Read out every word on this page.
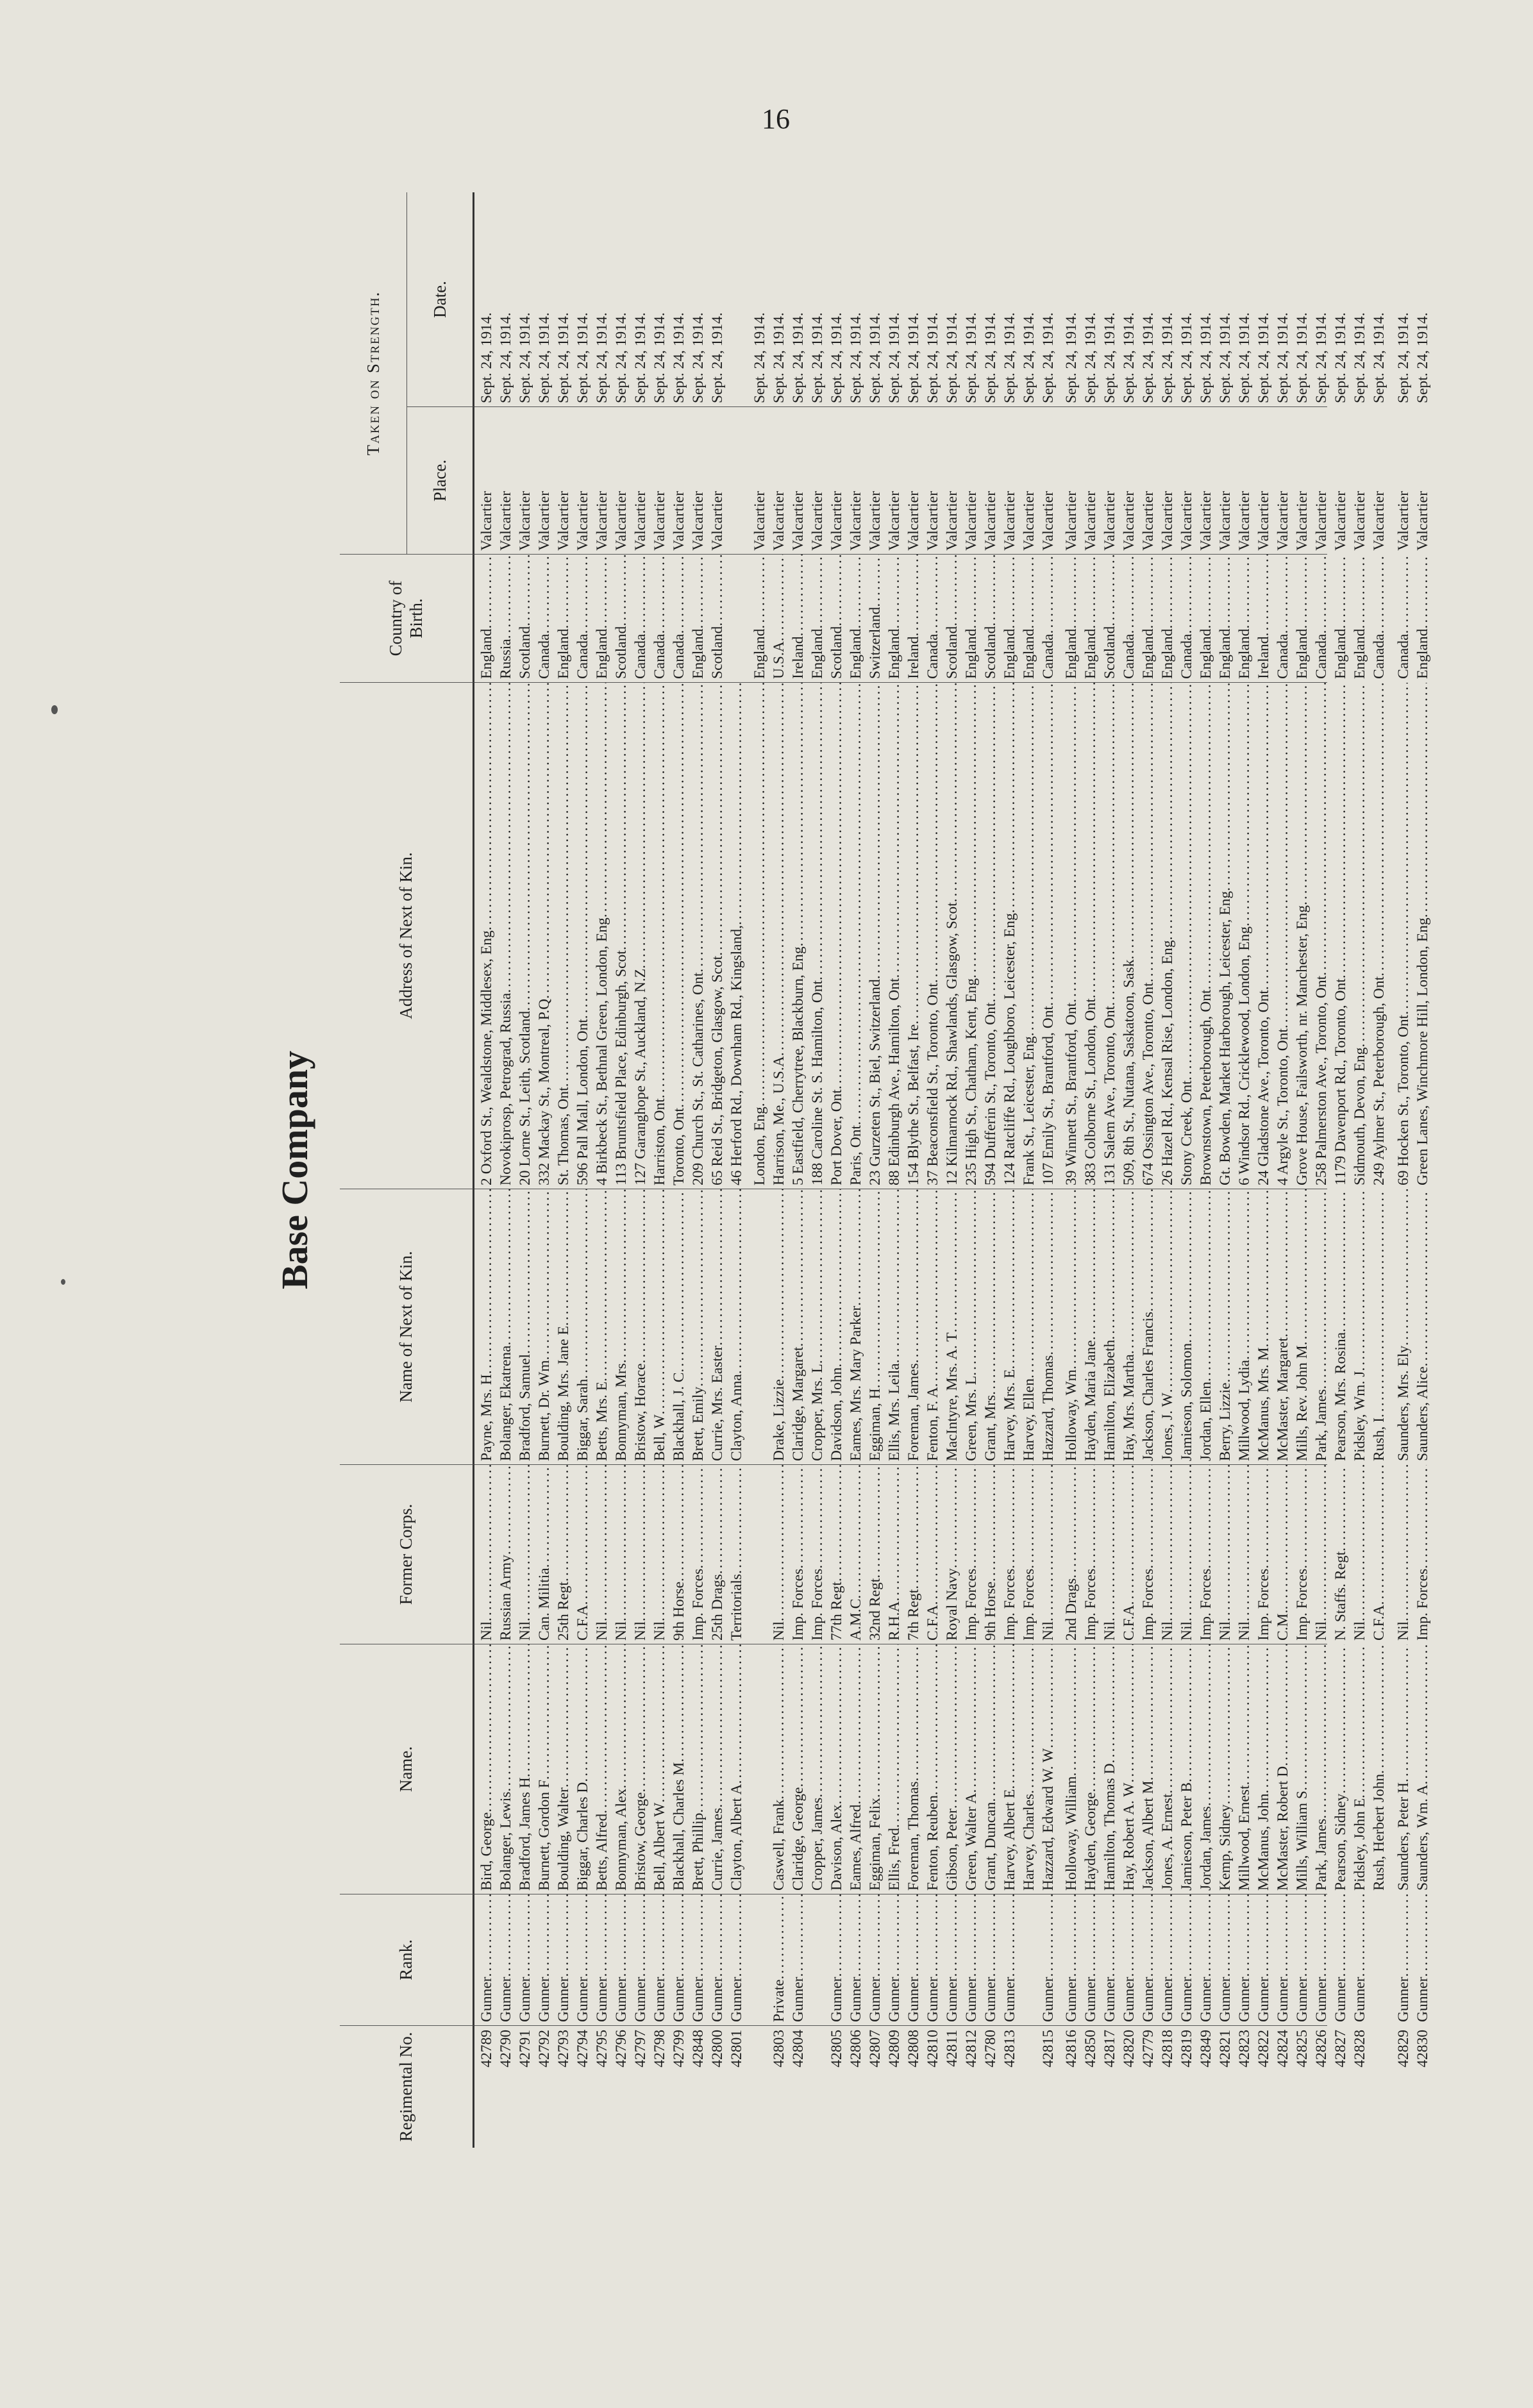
16
Base Company
Regimental No.
Rank.
Name.
Former Corps.
Name of Next of Kin.
Address of Next of Kin.
Country of Birth.
Taken on Strength.
Place.
Date.
42789
Gunner .....
Bird, George .....
Nil .....
Payne, Mrs. H .....
2 Oxford St., Wealdstone, Middlesex, Eng .....
England .....
Valcartier
Sept. 24, 1914.
42790
Gunner .....
Bolanger, Lewis .....
Russian Army .....
Bolanger, Ekatrena .....
Novokiprosp, Petrograd, Russia .....
Russia .....
Valcartier
Sept. 24, 1914.
42791
Gunner .....
Bradford, James H .....
Nil .....
Bradford, Samuel .....
20 Lorne St., Leith, Scotland .....
Scotland .....
Valcartier
Sept. 24, 1914.
42792
Gunner .....
Burnett, Gordon F .....
Can. Militia .....
Burnett, Dr. Wm .....
332 Mackay St., Montreal, P.Q .....
Canada .....
Valcartier
Sept. 24, 1914.
42793
Gunner .....
Boulding, Walter .....
25th Regt .....
Boulding, Mrs. Jane E .....
St. Thomas, Ont .....
England .....
Valcartier
Sept. 24, 1914.
42794
Gunner .....
Biggar, Charles D .....
C.F.A .....
Biggar, Sarah .....
596 Pall Mall, London, Ont .....
Canada .....
Valcartier
Sept. 24, 1914.
42795
Gunner .....
Betts, Alfred .....
Nil .....
Betts, Mrs. E .....
4 Birkbeck St., Bethnal Green, London, Eng .....
England .....
Valcartier
Sept. 24, 1914.
42796
Gunner .....
Bonnyman, Alex .....
Nil .....
Bonnyman, Mrs .....
113 Bruntsfield Place, Edinburgh, Scot .....
Scotland .....
Valcartier
Sept. 24, 1914.
42797
Gunner .....
Bristow, George .....
Nil .....
Bristow, Horace .....
127 Garanghope St., Auckland, N.Z .....
Canada .....
Valcartier
Sept. 24, 1914.
42798
Gunner .....
Bell, Albert W .....
Nil .....
Bell, W .....
Harriston, Ont .....
Canada .....
Valcartier
Sept. 24, 1914.
42799
Gunner .....
Blackhall, Charles M .....
9th Horse .....
Blackhall, J. C .....
Toronto, Ont .....
Canada .....
Valcartier
Sept. 24, 1914.
42848
Gunner .....
Brett, Phillip .....
Imp. Forces .....
Brett, Emily .....
209 Church St., St. Catharines, Ont .....
England .....
Valcartier
Sept. 24, 1914.
42800
Gunner .....
Currie, James .....
25th Drags .....
Currie, Mrs. Easter .....
65 Reid St., Bridgeton, Glasgow, Scot .....
Scotland .....
Valcartier
Sept. 24, 1914.
42801
Gunner .....
Clayton, Albert A .....
Territorials .....
Clayton, Anna .....
46 Herford Rd., Downham Rd., Kingsland, ..... London, Eng .....
England .....
Valcartier
Sept. 24, 1914.
42803
Private .....
Caswell, Frank .....
Nil .....
Drake, Lizzie .....
Harrison, Me., U.S.A .....
U.S.A .....
Valcartier
Sept. 24, 1914.
42804
Gunner .....
Claridge, George .....
Imp. Forces .....
Claridge, Margaret .....
5 Eastfield, Cherrytree, Blackburn, Eng .....
Ireland .....
Valcartier
Sept. 24, 1914.
Cropper, James .....
Imp. Forces .....
Cropper, Mrs. L .....
188 Caroline St. S. Hamilton, Ont .....
England .....
Valcartier
Sept. 24, 1914.
42805
Gunner .....
Davison, Alex .....
77th Regt .....
Davidson, John .....
Port Dover, Ont .....
Scotland .....
Valcartier
Sept. 24, 1914.
42806
Gunner .....
Eames, Alfred .....
A.M.C .....
Eames, Mrs. Mary Parker .....
Paris, Ont .....
England .....
Valcartier
Sept. 24, 1914.
42807
Gunner .....
Eggiman, Felix .....
32nd Regt .....
Eggiman, H .....
23 Gurzeten St., Biel, Switzerland .....
Switzerland .....
Valcartier
Sept. 24, 1914.
42809
Gunner .....
Ellis, Fred .....
R.H.A .....
Ellis, Mrs. Leila .....
88 Edinburgh Ave., Hamilton, Ont .....
England .....
Valcartier
Sept. 24, 1914.
42808
Gunner .....
Foreman, Thomas .....
7th Regt .....
Foreman, James .....
154 Blythe St., Belfast, Ire .....
Ireland .....
Valcartier
Sept. 24, 1914.
42810
Gunner .....
Fenton, Reuben .....
C.F.A .....
Fenton, F. A .....
37 Beaconsfield St., Toronto, Ont .....
Canada .....
Valcartier
Sept. 24, 1914.
42811
Gunner .....
Gibson, Peter .....
Royal Navy .....
MacIntyre, Mrs. A. T .....
12 Kilmarnock Rd., Shawlands, Glasgow, Scot .....
Scotland .....
Valcartier
Sept. 24, 1914.
42812
Gunner .....
Green, Walter A .....
Imp. Forces .....
Green, Mrs. L .....
235 High St., Chatham, Kent, Eng .....
England .....
Valcartier
Sept. 24, 1914.
42780
Gunner .....
Grant, Duncan .....
9th Horse .....
Grant, Mrs .....
594 Dufferin St., Toronto, Ont .....
Scotland .....
Valcartier
Sept. 24, 1914.
42813
Gunner .....
Harvey, Albert E .....
Imp. Forces .....
Harvey, Mrs. E .....
124 Ratcliffe Rd., Loughboro, Leicester, Eng .....
England .....
Valcartier
Sept. 24, 1914.
Harvey, Charles .....
Imp. Forces .....
Harvey, Ellen .....
Frank St., Leicester, Eng .....
England .....
Valcartier
Sept. 24, 1914.
42815
Gunner .....
Hazzard, Edward W. W .....
Nil .....
Hazzard, Thomas .....
107 Emily St., Brantford, Ont .....
Canada .....
Valcartier
Sept. 24, 1914.
42816
Gunner .....
Holloway, William .....
2nd Drags .....
Holloway, Wm .....
39 Winnett St., Brantford, Ont .....
England .....
Valcartier
Sept. 24, 1914.
42850
Gunner .....
Hayden, George .....
Imp. Forces .....
Hayden, Maria Jane .....
383 Colborne St., London, Ont .....
England .....
Valcartier
Sept. 24, 1914.
42817
Gunner .....
Hamilton, Thomas D .....
Nil .....
Hamilton, Elizabeth .....
131 Salem Ave., Toronto, Ont .....
Scotland .....
Valcartier
Sept. 24, 1914.
42820
Gunner .....
Hay, Robert A. W .....
C.F.A .....
Hay, Mrs. Martha .....
509, 8th St., Nutana, Saskatoon, Sask .....
Canada .....
Valcartier
Sept. 24, 1914.
42779
Gunner .....
Jackson, Albert M .....
Imp. Forces .....
Jackson, Charles Francis .....
674 Ossington Ave., Toronto, Ont .....
England .....
Valcartier
Sept. 24, 1914.
42818
Gunner .....
Jones, A. Ernest .....
Nil .....
Jones, J. W .....
26 Hazel Rd., Kensal Rise, London, Eng .....
England .....
Valcartier
Sept. 24, 1914.
42819
Gunner .....
Jamieson, Peter B .....
Nil .....
Jamieson, Solomon .....
Stony Creek, Ont .....
Canada .....
Valcartier
Sept. 24, 1914.
42849
Gunner .....
Jordan, James .....
Imp. Forces .....
Jordan, Ellen .....
Brownstown, Peterborough, Ont .....
England .....
Valcartier
Sept. 24, 1914.
42821
Gunner .....
Kemp, Sidney .....
Nil .....
Berry, Lizzie .....
Gt. Bowden, Market Harborough, Leicester, Eng .....
England .....
Valcartier
Sept. 24, 1914.
42823
Gunner .....
Millwood, Ernest .....
Nil .....
Millwood, Lydia .....
6 Windsor Rd., Cricklewood, London, Eng .....
England .....
Valcartier
Sept. 24, 1914.
42822
Gunner .....
McManus, John .....
Imp. Forces .....
McManus, Mrs. M .....
24 Gladstone Ave., Toronto, Ont .....
Ireland .....
Valcartier
Sept. 24, 1914.
42824
Gunner .....
McMaster, Robert D .....
C.M. .....
McMaster, Margaret .....
4 Argyle St., Toronto, Ont .....
Canada .....
Valcartier
Sept. 24, 1914.
42825
Gunner .....
Mills, William S .....
Imp. Forces .....
Mills, Rev. John M .....
Grove House, Failsworth, nr. Manchester, Eng .....
England .....
Valcartier
Sept. 24, 1914.
42826
Gunner .....
Park, James .....
Nil .....
Park, James .....
258 Palmerston Ave., Toronto, Ont .....
Canada .....
Valcartier
Sept. 24, 1914.
42827
Gunner .....
Pearson, Sidney .....
N. Staffs. Regt .....
Pearson, Mrs. Rosina .....
1179 Davenport Rd., Toronto, Ont .....
England .....
Valcartier
Sept. 24, 1914.
42828
Gunner .....
Pidsley, John E .....
Nil .....
Pidsley, Wm. J .....
Sidmouth, Devon, Eng .....
England .....
Valcartier
Sept. 24, 1914.
Rush, Herbert John .....
C.F.A .....
Rush, I .....
249 Aylmer St., Peterborough, Ont .....
Canada .....
Valcartier
Sept. 24, 1914.
42829
Gunner .....
Saunders, Peter H .....
Nil .....
Saunders, Mrs. Ely .....
69 Hocken St., Toronto, Ont .....
Canada .....
Valcartier
Sept. 24, 1914.
42830
Gunner .....
Saunders, Wm. A .....
Imp. Forces .....
Saunders, Alice .....
Green Lanes, Winchmore Hill, London, Eng .....
England .....
Valcartier
Sept. 24, 1914.
